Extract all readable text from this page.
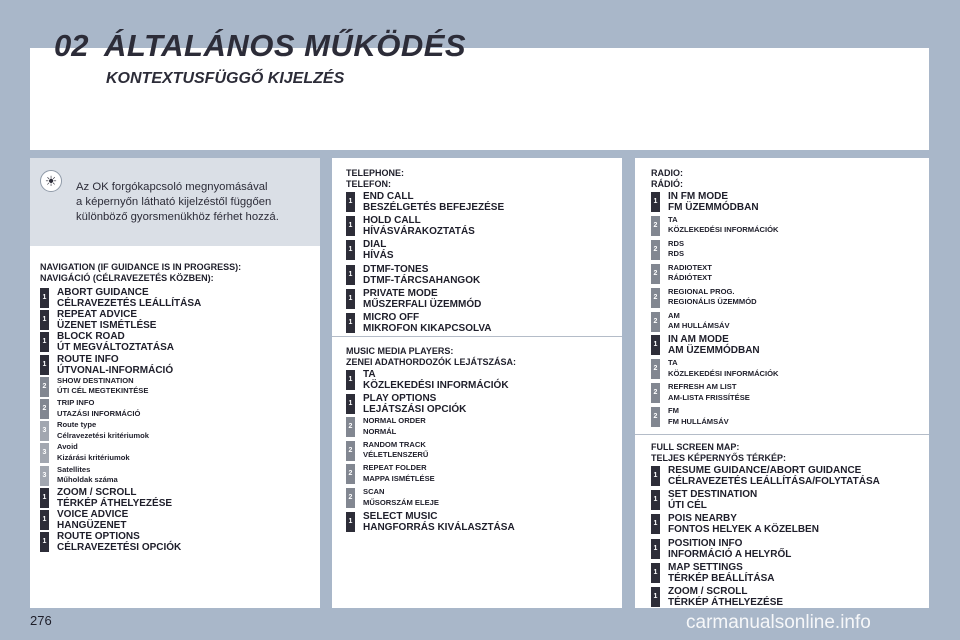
02 ÁLTALÁNOS MŰKÖDÉS
KONTEXTUSFÜGGŐ KIJELZÉS
☀	Az OK forgókapcsoló megnyomásával
a képernyőn látható kijelzéstől függően
különböző gyorsmenükhöz férhet hozzá.
NAVIGATION (IF GUIDANCE IS IN PROGRESS):
NAVIGÁCIÓ (CÉLRAVEZETÉS KÖZBEN):
1 ABORT GUIDANCE
CÉLRAVEZETÉS LEÁLLÍTÁSA
1 REPEAT ADVICE
ÜZENET ISMÉTLÉSE
1 BLOCK ROAD
ÚT MEGVÁLTOZTATÁSA
1 ROUTE INFO
ÚTVONAL-INFORMÁCIÓ
2
SHOW DESTINATION
ÚTI CÉL MEGTEKINTÉSE
2
TRIP INFO
UTAZÁSI INFORMÁCIÓ
3
Route type
Célravezetési kritériumok
3
Avoid
Kizárási kritériumok
3
Satellites
Műholdak száma
1 ZOOM / SCROLL
TÉRKÉP ÁTHELYEZÉSE
1 VOICE ADVICE
HANGÜZENET
1 ROUTE OPTIONS
CÉLRAVEZETÉSI OPCIÓK
TELEPHONE:
TELEFON:
1 END CALL
BESZÉLGETÉS BEFEJEZÉSE
1 HOLD CALL
HÍVÁSVÁRAKOZTATÁS
1 DIAL
HÍVÁS
1 DTMF-TONES
DTMF-TÁRCSAHANGOK
1 PRIVATE MODE
MŰSZERFALI ÜZEMMÓD
1 MICRO OFF
MIKROFON KIKAPCSOLVA
MUSIC MEDIA PLAYERS:
ZENEI ADATHORDOZÓK LEJÁTSZÁSA:
1 TA
KÖZLEKEDÉSI INFORMÁCIÓK
1 PLAY OPTIONS
LEJÁTSZÁSI OPCIÓK
2
NORMAL ORDER
NORMÁL
2
RANDOM TRACK
VÉLETLENSZERŰ
2
REPEAT FOLDER
MAPPA ISMÉTLÉSE
2
SCAN
MŰSORSZÁM ELEJE
1 SELECT MUSIC
HANGFORRÁS KIVÁLASZTÁSA
RADIO:
RÁDIÓ:
1 IN FM MODE
FM ÜZEMMÓDBAN
2
TA
KÖZLEKEDÉSI INFORMÁCIÓK
2
RDS
RDS
2
RADIOTEXT
RÁDIÓTEXT
2
REGIONAL PROG.
REGIONÁLIS ÜZEMMÓD
2
AM
AM HULLÁMSÁV
1 IN AM MODE
AM ÜZEMMÓDBAN
2
TA
KÖZLEKEDÉSI INFORMÁCIÓK
2
REFRESH AM LIST
AM-LISTA FRISSÍTÉSE
2
FM
FM HULLÁMSÁV
FULL SCREEN MAP:
TELJES KÉPERNYŐS TÉRKÉP:
1 RESUME GUIDANCE/ABORT GUIDANCE
CÉLRAVEZETÉS LEÁLLÍTÁSA/FOLYTATÁSA
1 SET DESTINATION
ÚTI CÉL
1 POIS NEARBY
FONTOS HELYEK A KÖZELBEN
1 POSITION INFO
INFORMÁCIÓ A HELYRŐL
1 MAP SETTINGS
TÉRKÉP BEÁLLÍTÁSA
1 ZOOM / SCROLL
TÉRKÉP ÁTHELYEZÉSE
276	carmanualsonline.info
